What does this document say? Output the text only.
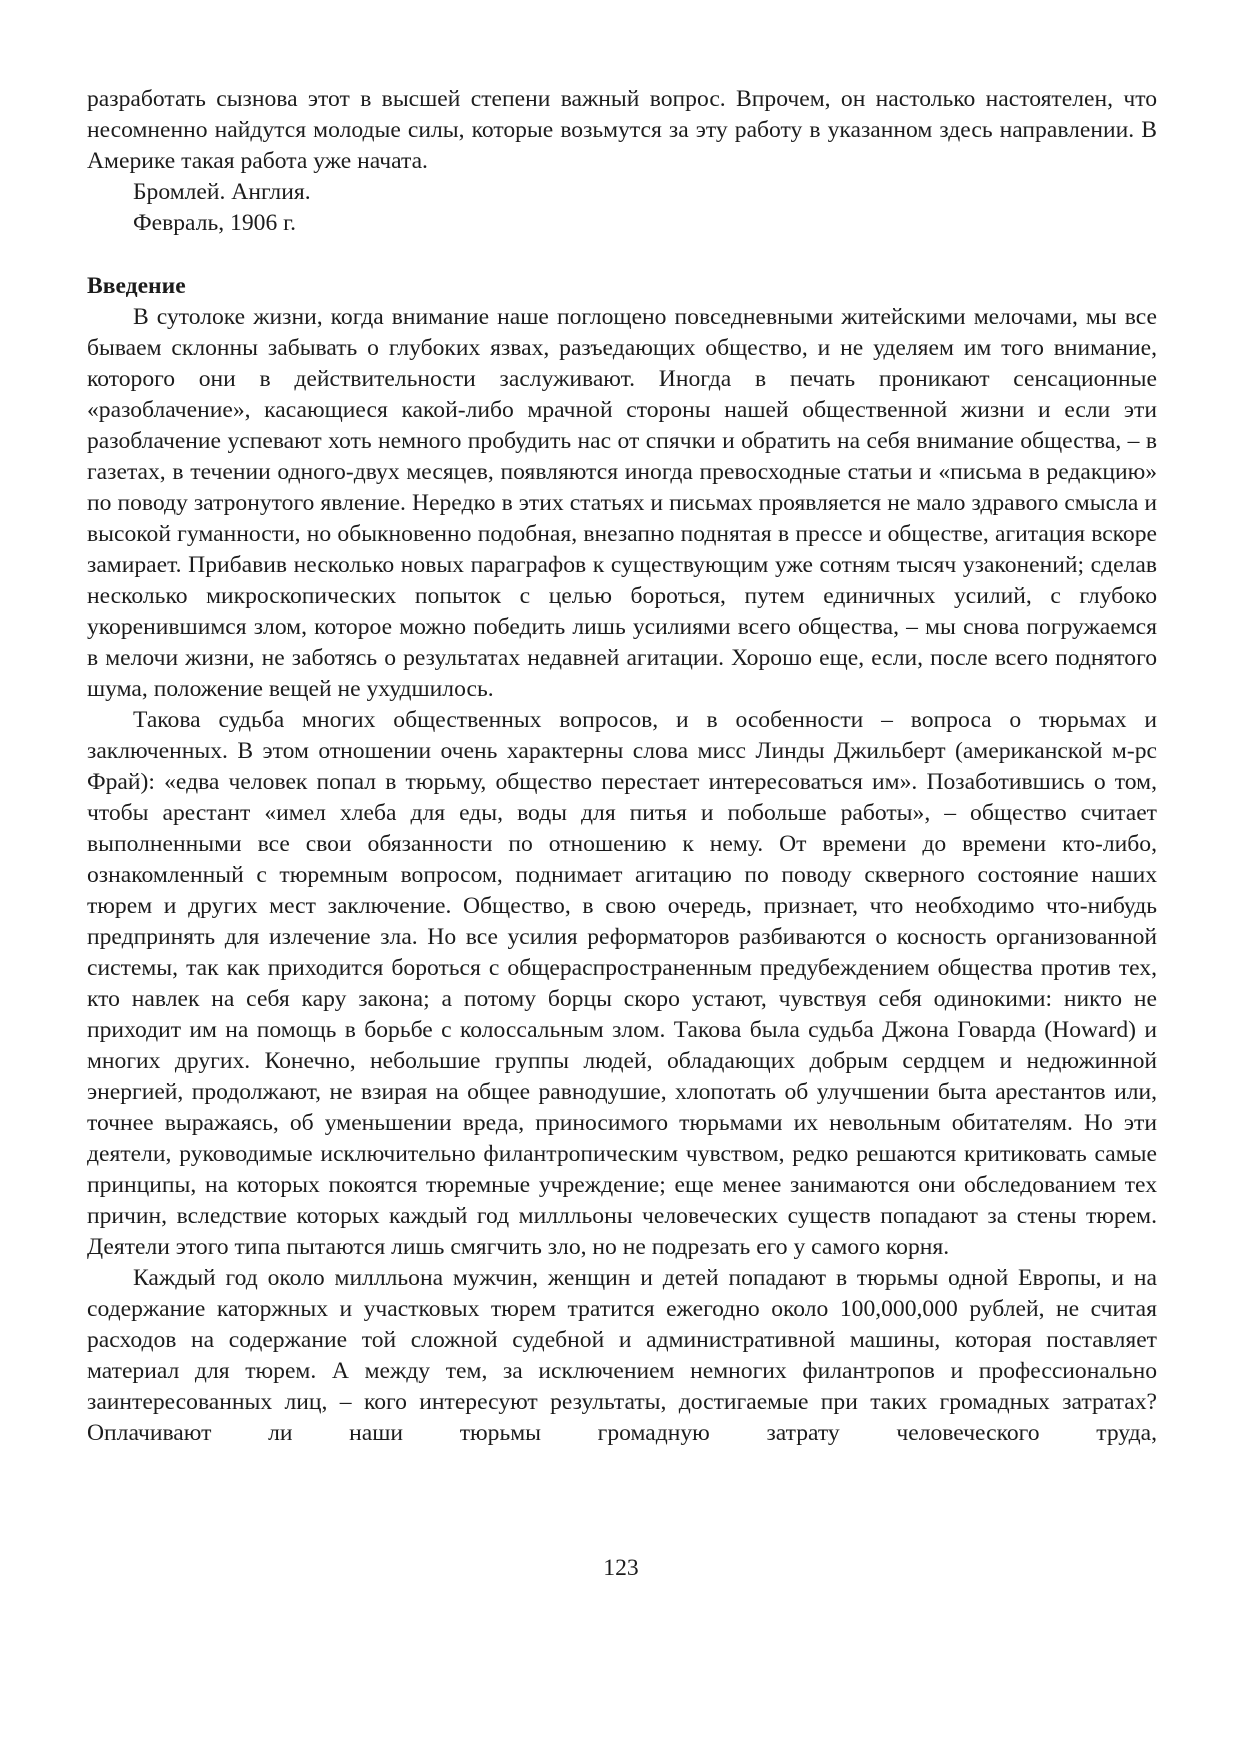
разработать сызнова этот в высшей степени важный вопрос. Впрочем, он настолько настоятелен, что несомненно найдутся молодые силы, которые возьмутся за эту работу в указанном здесь направлении. В Америке такая работа уже начата.

Бромлей. Англия.

Февраль, 1906 г.

Введение

В сутолоке жизни, когда внимание наше поглощено повседневными житейскими мелочами, мы все бываем склонны забывать о глубоких язвах, разъедающих общество, и не уделяем им того внимание, которого они в действительности заслуживают. Иногда в печать проникают сенсационные «разоблачение», касающиеся какой-либо мрачной стороны нашей общественной жизни и если эти разоблачение успевают хоть немного пробудить нас от спячки и обратить на себя внимание общества, – в газетах, в течении одного-двух месяцев, появляются иногда превосходные статьи и «письма в редакцию» по поводу затронутого явление. Нередко в этих статьях и письмах проявляется не мало здравого смысла и высокой гуманности, но обыкновенно подобная, внезапно поднятая в прессе и обществе, агитация вскоре замирает. Прибавив несколько новых параграфов к существующим уже сотням тысяч узаконений; сделав несколько микроскопических попыток с целью бороться, путем единичных усилий, с глубоко укоренившимся злом, которое можно победить лишь усилиями всего общества, – мы снова погружаемся в мелочи жизни, не заботясь о результатах недавней агитации. Хорошо еще, если, после всего поднятого шума, положение вещей не ухудшилось.

Такова судьба многих общественных вопросов, и в особенности – вопроса о тюрьмах и заключенных. В этом отношении очень характерны слова мисс Линды Джильберт (американской м-рс Фрай): «едва человек попал в тюрьму, общество перестает интересоваться им». Позаботившись о том, чтобы арестант «имел хлеба для еды, воды для питья и побольше работы», – общество считает выполненными все свои обязанности по отношению к нему. От времени до времени кто-либо, ознакомленный с тюремным вопросом, поднимает агитацию по поводу скверного состояние наших тюрем и других мест заключение. Общество, в свою очередь, признает, что необходимо что-нибудь предпринять для излечение зла. Но все усилия реформаторов разбиваются о косность организованной системы, так как приходится бороться с общераспространенным предубеждением общества против тех, кто навлек на себя кару закона; а потому борцы скоро устают, чувствуя себя одинокими: никто не приходит им на помощь в борьбе с колоссальным злом. Такова была судьба Джона Говарда (Howard) и многих других. Конечно, небольшие группы людей, обладающих добрым сердцем и недюжинной энергией, продолжают, не взирая на общее равнодушие, хлопотать об улучшении быта арестантов или, точнее выражаясь, об уменьшении вреда, приносимого тюрьмами их невольным обитателям. Но эти деятели, руководимые исключительно филантропическим чувством, редко решаются критиковать самые принципы, на которых покоятся тюремные учреждение; еще менее занимаются они обследованием тех причин, вследствие которых каждый год миллльоны человеческих существ попадают за стены тюрем. Деятели этого типа пытаются лишь смягчить зло, но не подрезать его у самого корня.

Каждый год около миллльона мужчин, женщин и детей попадают в тюрьмы одной Европы, и на содержание каторжных и участковых тюрем тратится ежегодно около 100,000,000 рублей, не считая расходов на содержание той сложной судебной и административной машины, которая поставляет материал для тюрем. А между тем, за исключением немногих филантропов и профессионально заинтересованных лиц, – кого интересуют результаты, достигаемые при таких громадных затратах? Оплачивают ли наши тюрьмы громадную затрату человеческого труда,

123
